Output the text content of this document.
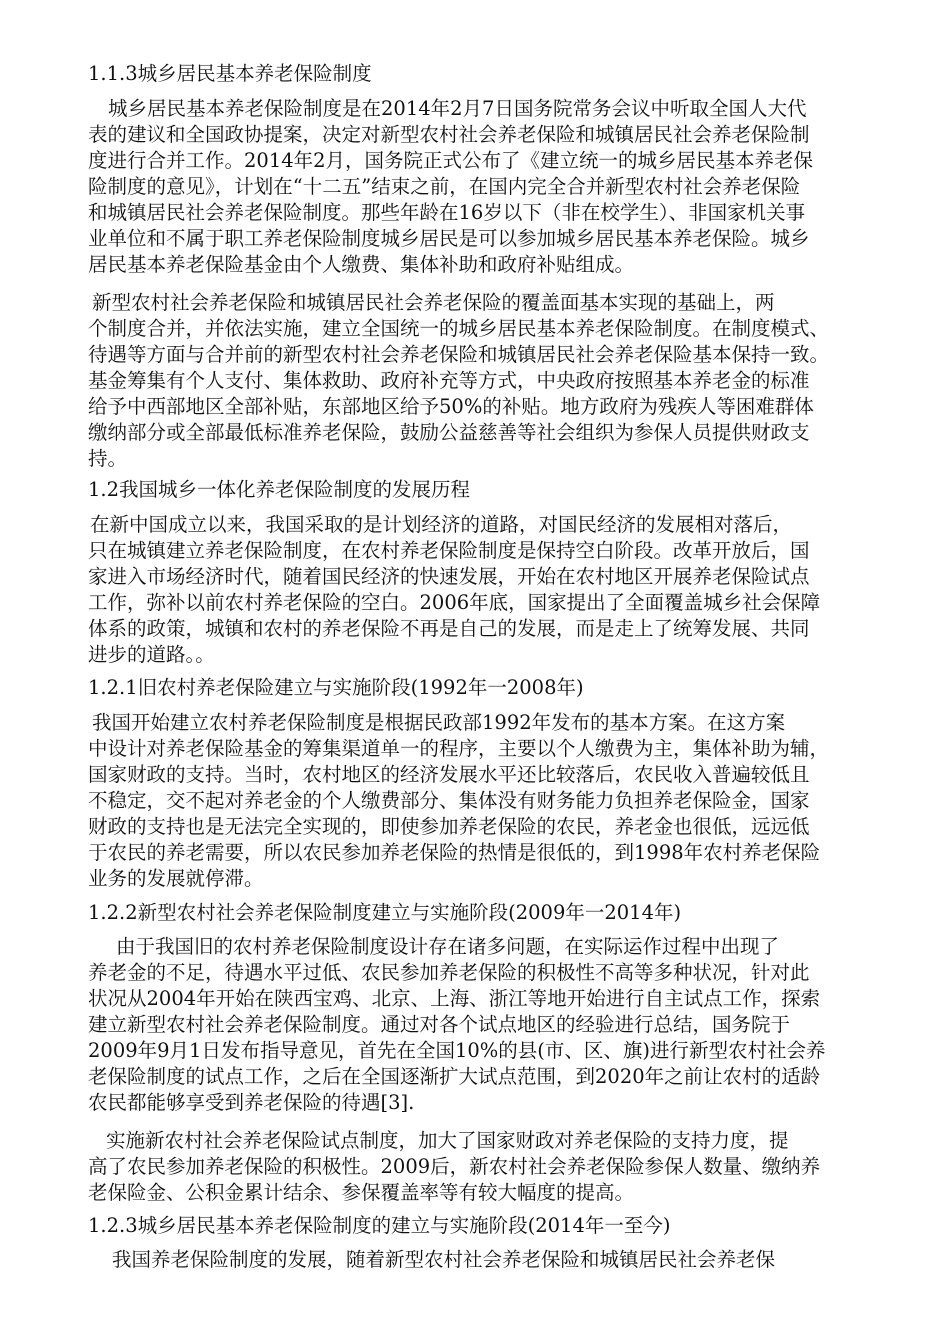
1.1.3城乡居民基本养老保险制度
城乡居民基本养老保险制度是在2014年2月7日国务院常务会议中听取全国人大代
表的建议和全国政协提案，决定对新型农村社会养老保险和城镇居民社会养老保险制
度进行合并工作。2014年2月，国务院正式公布了《建立统一的城乡居民基本养老保
险制度的意见》，计划在“十二五”结束之前，在国内完全合并新型农村社会养老保险
和城镇居民社会养老保险制度。那些年龄在16岁以下（非在校学生）、非国家机关事
业单位和不属于职工养老保险制度城乡居民是可以参加城乡居民基本养老保险。城乡
居民基本养老保险基金由个人缴费、集体补助和政府补贴组成。
新型农村社会养老保险和城镇居民社会养老保险的覆盖面基本实现的基础上，两
个制度合并，并依法实施，建立全国统一的城乡居民基本养老保险制度。在制度模式、
待遇等方面与合并前的新型农村社会养老保险和城镇居民社会养老保险基本保持一致。
基金筹集有个人支付、集体救助、政府补充等方式，中央政府按照基本养老金的标准
给予中西部地区全部补贴，东部地区给予50%的补贴。地方政府为残疾人等困难群体
缴纳部分或全部最低标准养老保险，鼓励公益慈善等社会组织为参保人员提供财政支
持。
1.2我国城乡一体化养老保险制度的发展历程
在新中国成立以来，我国采取的是计划经济的道路，对国民经济的发展相对落后，
只在城镇建立养老保险制度，在农村养老保险制度是保持空白阶段。改革开放后，国
家进入市场经济时代，随着国民经济的快速发展，开始在农村地区开展养老保险试点
工作，弥补以前农村养老保险的空白。2006年底，国家提出了全面覆盖城乡社会保障
体系的政策，城镇和农村的养老保险不再是自己的发展，而是走上了统筹发展、共同
进步的道路。。
1.2.1旧农村养老保险建立与实施阶段(1992年一2008年)
我国开始建立农村养老保险制度是根据民政部1992年发布的基本方案。在这方案
中设计对养老保险基金的筹集渠道单一的程序，主要以个人缴费为主，集体补助为辅，
国家财政的支持。当时，农村地区的经济发展水平还比较落后，农民收入普遍较低且
不稳定，交不起对养老金的个人缴费部分、集体没有财务能力负担养老保险金，国家
财政的支持也是无法完全实现的，即使参加养老保险的农民，养老金也很低，远远低
于农民的养老需要，所以农民参加养老保险的热情是很低的，到1998年农村养老保险
业务的发展就停滞。
1.2.2新型农村社会养老保险制度建立与实施阶段(2009年一2014年)
由于我国旧的农村养老保险制度设计存在诸多问题，在实际运作过程中出现了
养老金的不足，待遇水平过低、农民参加养老保险的积极性不高等多种状况，针对此
状况从2004年开始在陕西宝鸡、北京、上海、浙江等地开始进行自主试点工作，探索
建立新型农村社会养老保险制度。通过对各个试点地区的经验进行总结，国务院于
2009年9月1日发布指导意见，首先在全国10%的县(市、区、旗)进行新型农村社会养
老保险制度的试点工作，之后在全国逐渐扩大试点范围，到2020年之前让农村的适龄
农民都能够享受到养老保险的待遇[3].
实施新农村社会养老保险试点制度，加大了国家财政对养老保险的支持力度，提
高了农民参加养老保险的积极性。2009后，新农村社会养老保险参保人数量、缴纳养
老保险金、公积金累计结余、参保覆盖率等有较大幅度的提高。
1.2.3城乡居民基本养老保险制度的建立与实施阶段(2014年一至今)
我国养老保险制度的发展，随着新型农村社会养老保险和城镇居民社会养老保
